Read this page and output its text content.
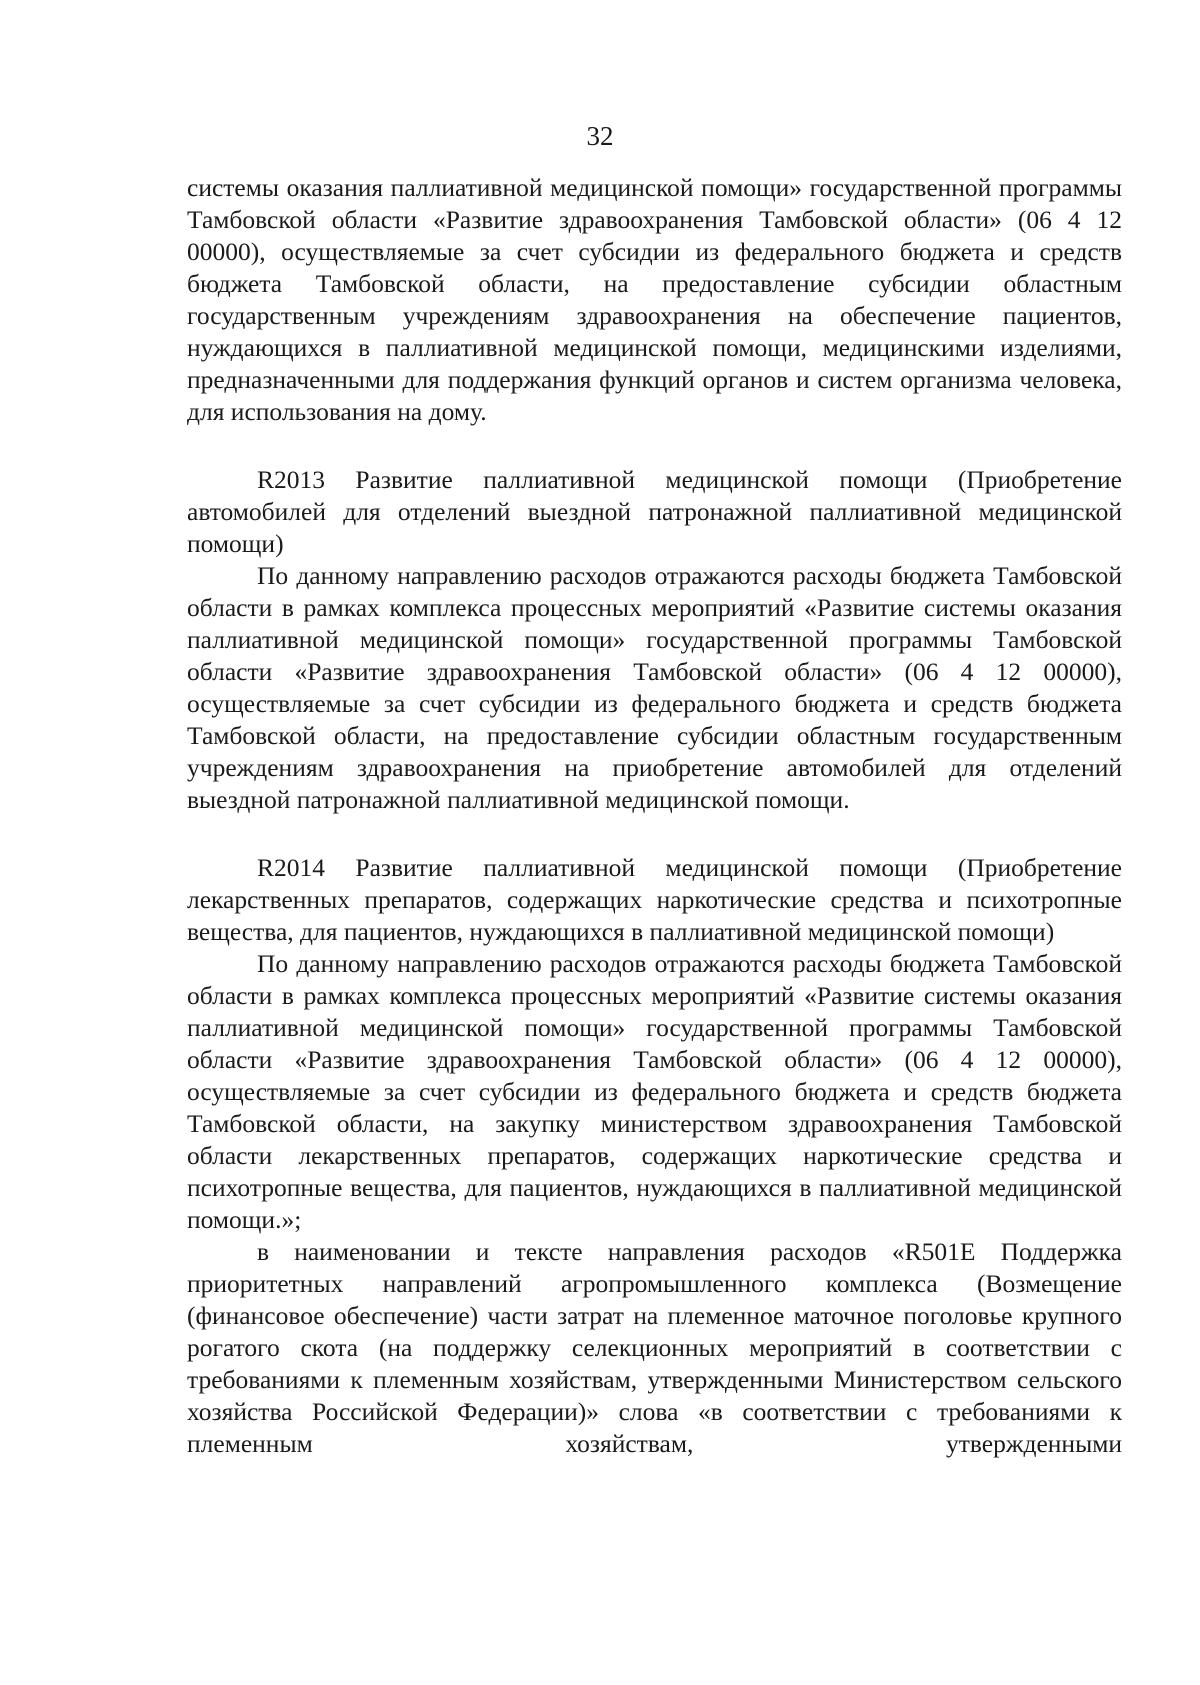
32

системы оказания паллиативной медицинской помощи» государственной программы Тамбовской области «Развитие здравоохранения Тамбовской области» (06 4 12 00000), осуществляемые за счет субсидии из федерального бюджета и средств бюджета Тамбовской области, на предоставление субсидии областным государственным учреждениям здравоохранения на обеспечение пациентов, нуждающихся в паллиативной медицинской помощи, медицинскими изделиями, предназначенными для поддержания функций органов и систем организма человека, для использования на дому.

R2013 Развитие паллиативной медицинской помощи (Приобретение автомобилей для отделений выездной патронажной паллиативной медицинской помощи)

По данному направлению расходов отражаются расходы бюджета Тамбовской области в рамках комплекса процессных мероприятий «Развитие системы оказания паллиативной медицинской помощи» государственной программы Тамбовской области «Развитие здравоохранения Тамбовской области» (06 4 12 00000), осуществляемые за счет субсидии из федерального бюджета и средств бюджета Тамбовской области, на предоставление субсидии областным государственным учреждениям здравоохранения на приобретение автомобилей для отделений выездной патронажной паллиативной медицинской помощи.

R2014 Развитие паллиативной медицинской помощи (Приобретение лекарственных препаратов, содержащих наркотические средства и психотропные вещества, для пациентов, нуждающихся в паллиативной медицинской помощи)

По данному направлению расходов отражаются расходы бюджета Тамбовской области в рамках комплекса процессных мероприятий «Развитие системы оказания паллиативной медицинской помощи» государственной программы Тамбовской области «Развитие здравоохранения Тамбовской области» (06 4 12 00000), осуществляемые за счет субсидии из федерального бюджета и средств бюджета Тамбовской области, на закупку министерством здравоохранения Тамбовской области лекарственных препаратов, содержащих наркотические средства и психотропные вещества, для пациентов, нуждающихся в паллиативной медицинской помощи.»;

в наименовании и тексте направления расходов «R501E Поддержка приоритетных направлений агропромышленного комплекса (Возмещение (финансовое обеспечение) части затрат на племенное маточное поголовье крупного рогатого скота (на поддержку селекционных мероприятий в соответствии с требованиями к племенным хозяйствам, утвержденными Министерством сельского хозяйства Российской Федерации)» слова «в соответствии с требованиями к племенным хозяйствам, утвержденными
